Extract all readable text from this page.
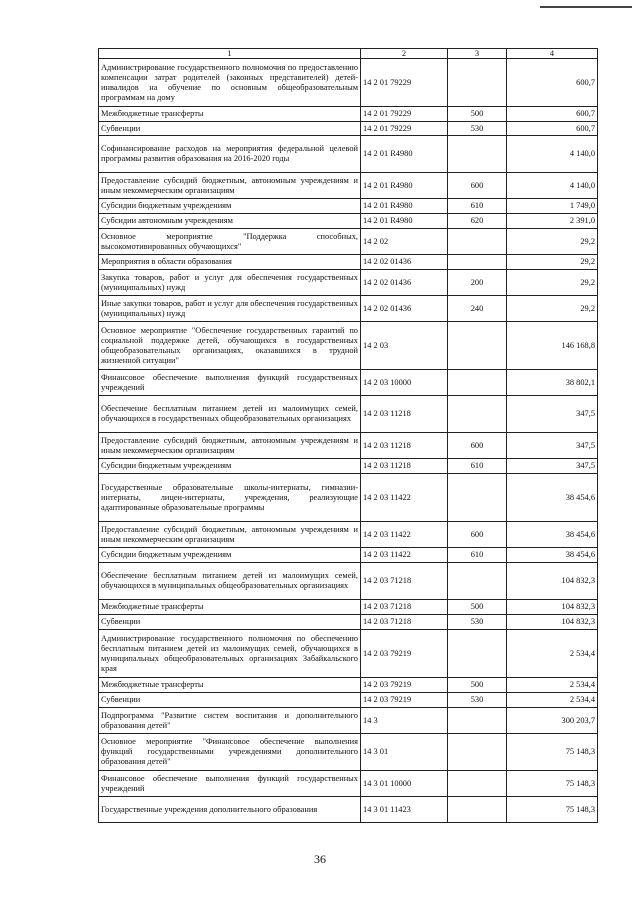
1	2	3	4
Администрирование государственного полномочия по предоставлению компенсации затрат родителей (законных представителей) детей-инвалидов на обучение по основным общеобразовательным программам на дому	14 2 01 79229		600,7
Межбюджетные трансферты	14 2 01 79229	500	600,7
Субвенции	14 2 01 79229	530	600,7
Софинансирование расходов на мероприятия федеральной целевой программы развития образования на 2016-2020 годы	14 2 01 R4980		4 140,0
Предоставление субсидий бюджетным, автономным учреждениям и иным некоммерческим организациям	14 2 01 R4980	600	4 140,0
Субсидии бюджетным учреждениям	14 2 01 R4980	610	1 749,0
Субсидии автономным учреждениям	14 2 01 R4980	620	2 391,0
Основное мероприятие "Поддержка способных, высокомотивированных обучающихся"	14 2 02		29,2
Мероприятия в области образования	14 2 02 01436		29,2
Закупка товаров, работ и услуг для обеспечения государственных (муниципальных) нужд	14 2 02 01436	200	29,2
Иные закупки товаров, работ и услуг для обеспечения государственных (муниципальных) нужд	14 2 02 01436	240	29,2
Основное мероприятие "Обеспечение государственных гарантий по социальной поддержке детей, обучающихся в государственных общеобразовательных организациях, оказавшихся в трудной жизненной ситуации"	14 2 03		146 168,8
Финансовое обеспечение выполнения функций государственных учреждений	14 2 03 10000		38 802,1
Обеспечение бесплатным питанием детей из малоимущих семей, обучающихся в государственных общеобразовательных организациях	14 2 03 11218		347,5
Предоставление субсидий бюджетным, автономным учреждениям и иным некоммерческим организациям	14 2 03 11218	600	347,5
Субсидии бюджетным учреждениям	14 2 03 11218	610	347,5
Государственные образовательные школы-интернаты, гимназии-интернаты, лицеи-интернаты, учреждения, реализующие адаптированные образовательные программы	14 2 03 11422		38 454,6
Предоставление субсидий бюджетным, автономным учреждениям и иным некоммерческим организациям	14 2 03 11422	600	38 454,6
Субсидии бюджетным учреждениям	14 2 03 11422	610	38 454,6
Обеспечение бесплатным питанием детей из малоимущих семей, обучающихся в муниципальных общеобразовательных организациях	14 2 03 71218		104 832,3
Межбюджетные трансферты	14 2 03 71218	500	104 832,3
Субвенции	14 2 03 71218	530	104 832,3
Администрирование государственного полномочия по обеспечению бесплатным питанием детей из малоимущих семей, обучающихся в муниципальных общеобразовательных организациях Забайкальского края	14 2 03 79219		2 534,4
Межбюджетные трансферты	14 2 03 79219	500	2 534,4
Субвенции	14 2 03 79219	530	2 534,4
Подпрограмма "Развитие систем воспитания и дополнительного образования детей"	14 3		300 203,7
Основное мероприятие "Финансовое обеспечение выполнения функций государственными учреждениями дополнительного образования детей"	14 3 01		75 148,3
Финансовое обеспечение выполнения функций государственных учреждений	14 3 01 10000		75 148,3
Государственные учреждения дополнительного образования	14 3 01 11423		75 148,3
36
